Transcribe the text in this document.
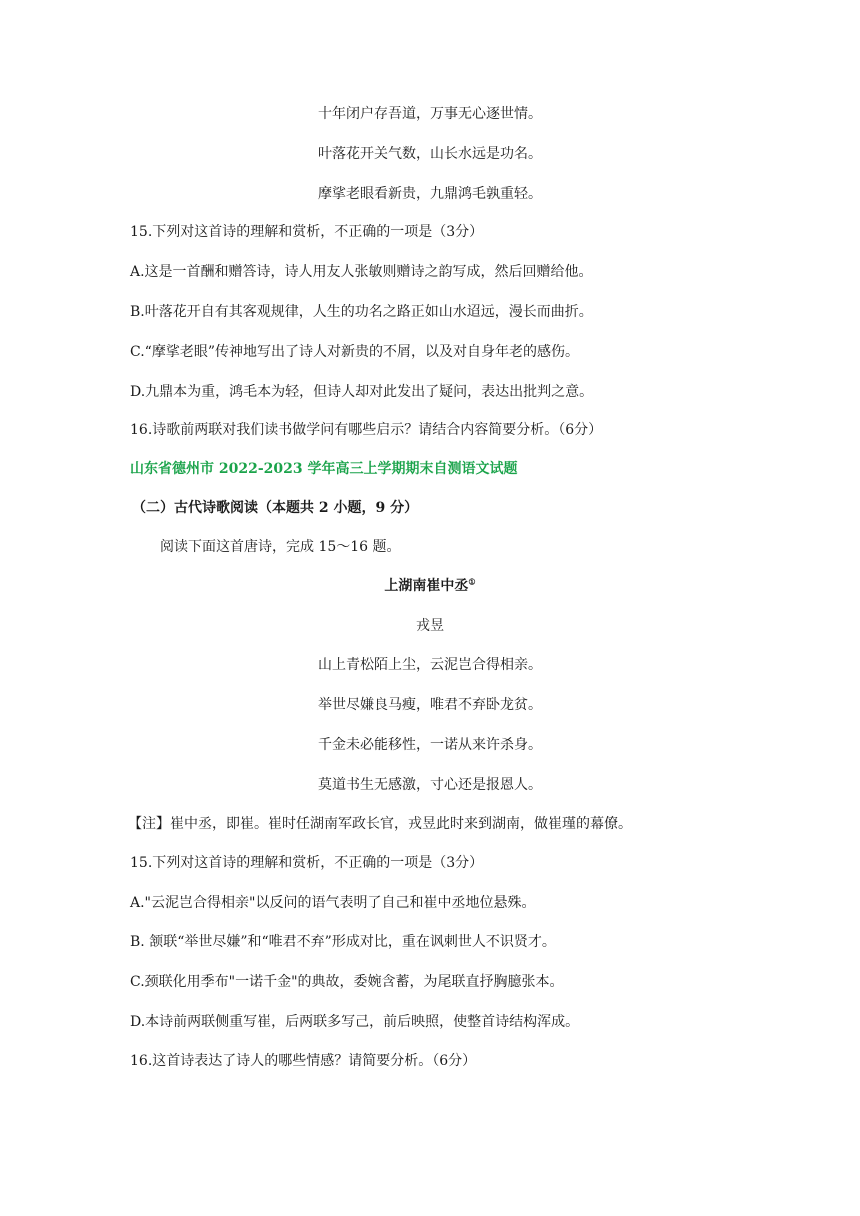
十年闭户存吾道，万事无心逐世情。
叶落花开关气数，山长水远是功名。
摩挲老眼看新贵，九鼎鸿毛孰重轻。
15.下列对这首诗的理解和赏析，不正确的一项是（3分）
A.这是一首酬和赠答诗，诗人用友人张敏则赠诗之韵写成，然后回赠给他。
B.叶落花开自有其客观规律，人生的功名之路正如山水迢远，漫长而曲折。
C.“摩挲老眼”传神地写出了诗人对新贵的不屑，以及对自身年老的感伤。
D.九鼎本为重，鸿毛本为轻，但诗人却对此发出了疑问，表达出批判之意。
16.诗歌前两联对我们读书做学问有哪些启示？请结合内容简要分析。（6分）
山东省德州市 2022-2023 学年高三上学期期末自测语文试题
（二）古代诗歌阅读（本题共 2 小题，9 分）
阅读下面这首唐诗，完成 15～16 题。
上湖南崔中丞①
戎昱
山上青松陌上尘，云泥岂合得相亲。
举世尽嫌良马瘦，唯君不弃卧龙贫。
千金未必能移性，一诺从来许杀身。
莫道书生无感激，寸心还是报恩人。
【注】崔中丞，即崔。崔时任湖南军政长官，戎昱此时来到湖南，做崔瑾的幕僚。
15.下列对这首诗的理解和赏析，不正确的一项是（3分）
A."云泥岂合得相亲"以反问的语气表明了自己和崔中丞地位悬殊。
B. 颔联“举世尽嫌”和“唯君不弃”形成对比，重在讽刺世人不识贤才。
C.颈联化用季布"一诺千金"的典故，委婉含蓄，为尾联直抒胸臆张本。
D.本诗前两联侧重写崔，后两联多写己，前后映照，使整首诗结构浑成。
16.这首诗表达了诗人的哪些情感？请简要分析。（6分）
